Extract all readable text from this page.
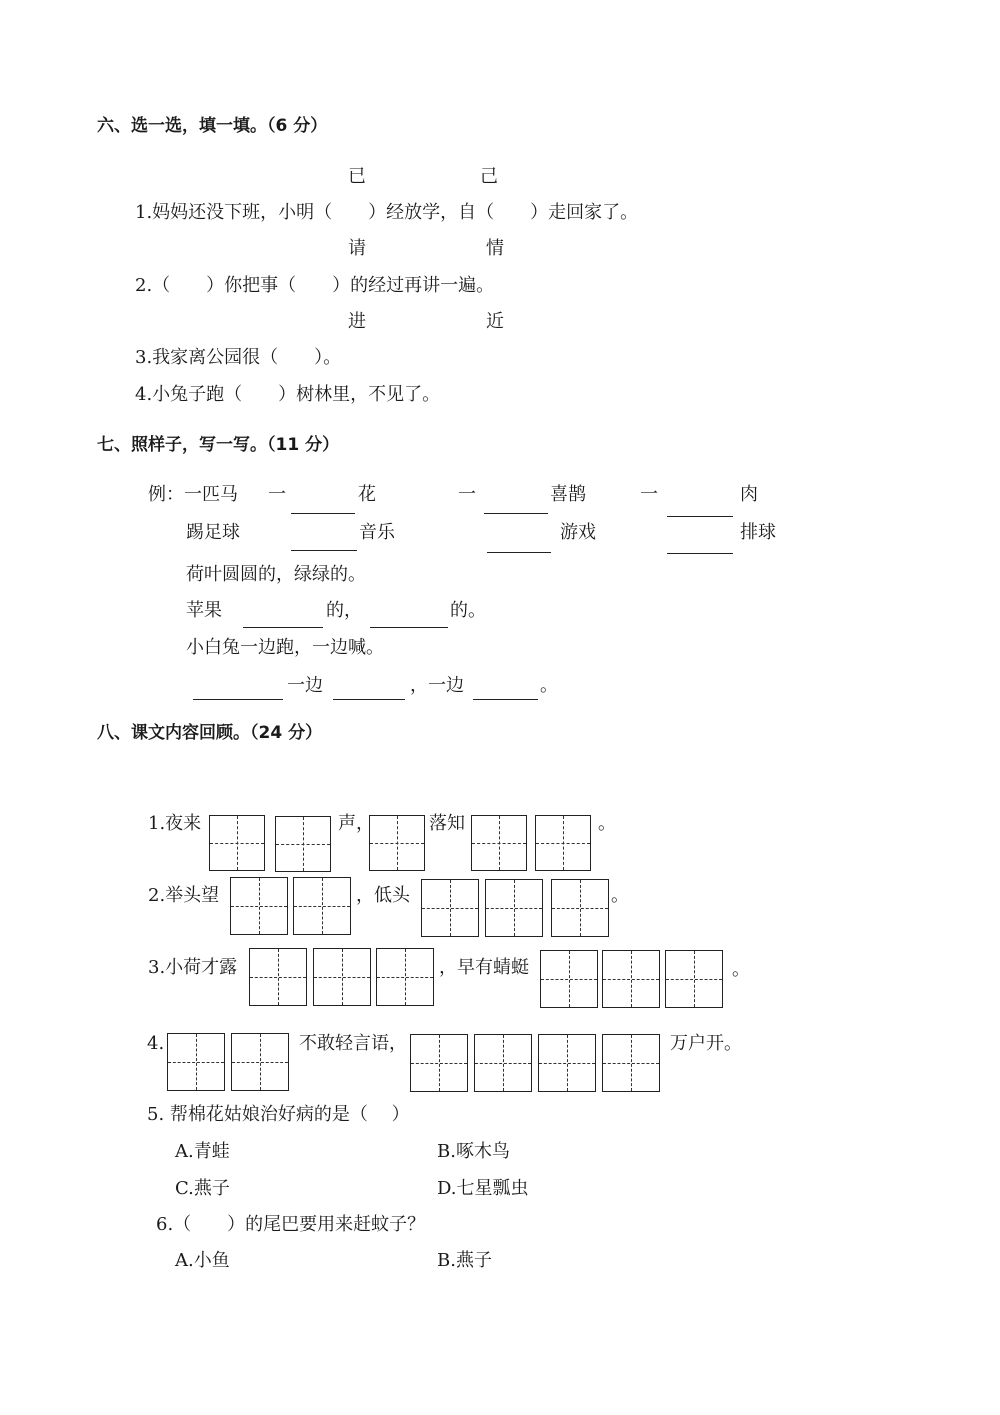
六、选一选，填一填。（6 分）
已	己
1.妈妈还没下班，小明（　　）经放学，自（　　）走回家了。
请	情
2.（　　）你把事（　　）的经过再讲一遍。
进	近
3.我家离公园很（　　）。
4.小兔子跑（　　）树林里，不见了。
七、照样子，写一写。（11 分）
例：一匹马 一	花	一	喜鹊	一	肉
踢足球	音乐	游戏	排球
荷叶圆圆的，绿绿的。
苹果	的，	的。
小白兔一边跑，一边喊。
一边	，一边	。
八、课文内容回顾。（24 分）
1.夜来	声，	落知	。
2.举头望	，低头	。
3.小荷才露	，早有蜻蜓	。
4.	不敢轻言语，	万户开。
5. 帮棉花姑娘治好病的是（　 ）
A.青蛙	B.啄木鸟
C.燕子	D.七星瓢虫
6.（　　）的尾巴要用来赶蚊子？
A.小鱼	B.燕子
